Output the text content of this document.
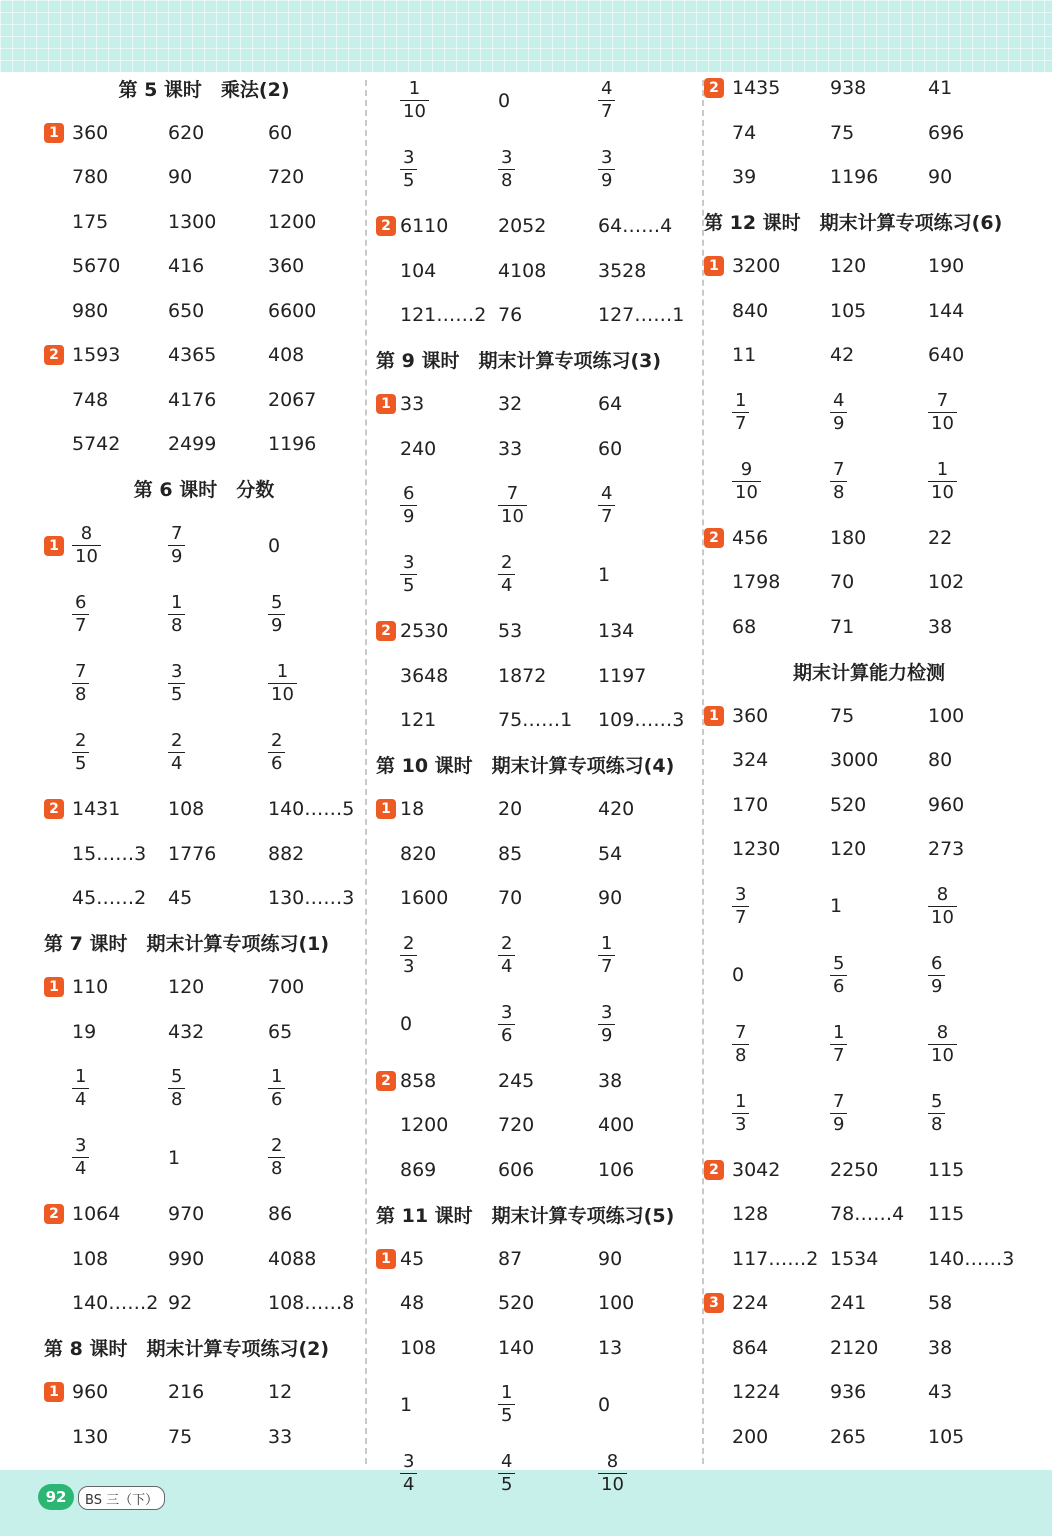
第 5 课时　乘法(2)
1 360	620	60
780	90	720
175	1300	1200
5670	416	360
980	650	6600
2 1593	4365	408
748	4176	2067
5742	2499	1196
第 6 课时　分数
$1 \frac{8}{10}$	$\frac{7}{9}$	0
$\frac{6}{7}$	$\frac{1}{8}$	$\frac{5}{9}$
$\frac{7}{8}$	$\frac{3}{5}$	$\frac{1}{10}$
$\frac{2}{5}$	$\frac{2}{4}$	$\frac{2}{6}$
2 1431	108	140……5
15……3 1776	882
45……2 45	130……3
第 7 课时　期末计算专项练习(1)
1 110	120	700
19	432	65
$\frac{1}{4}$	$\frac{5}{8}$	$\frac{1}{6}$
$\frac{3}{4}$	1	$\frac{2}{8}$
2 1064	970	86
108	990	4088
140……2 92	108……8
第 8 课时　期末计算专项练习(2)
1 960	216	12
130	75	33
$\frac{1}{10}$	0	$\frac{4}{7}$
$\frac{3}{5}$	$\frac{3}{8}$	$\frac{3}{9}$
2 6110	2052	64……4
104	4108	3528
121……2 76	127……1
第 9 课时　期末计算专项练习(3)
1 33	32	64
240	33	60
$\frac{6}{9}$	$\frac{7}{10}$	$\frac{4}{7}$
$\frac{3}{5}$	$\frac{2}{4}$	1
2 2530	53	134
3648	1872	1197
121	75……1 109……3
第 10 课时　期末计算专项练习(4)
1 18	20	420
820	85	54
1600	70	90
$\frac{2}{3}$	$\frac{2}{4}$	$\frac{1}{7}$
0	$\frac{3}{6}$	$\frac{3}{9}$
2 858	245	38
1200	720	400
869	606	106
第 11 课时　期末计算专项练习(5)
1 45	87	90
48	520	100
108	140	13
1	$\frac{1}{5}$	0
$\frac{3}{4}$	$\frac{4}{5}$	$\frac{8}{10}$
2 1435	938	41
74	75	696
39	1196	90
第 12 课时　期末计算专项练习(6)
1 3200	120	190
840	105	144
11	42	640
$\frac{1}{7}$	$\frac{4}{9}$	$\frac{7}{10}$
$\frac{9}{10}$	$\frac{7}{8}$	$\frac{1}{10}$
2 456	180	22
1798	70	102
68	71	38
期末计算能力检测
1 360	75	100
324	3000	80
170	520	960
1230	120	273
$\frac{3}{7}$	1	$\frac{8}{10}$
0	$\frac{5}{6}$	$\frac{6}{9}$
$\frac{7}{8}$	$\frac{1}{7}$	$\frac{8}{10}$
$\frac{1}{3}$	$\frac{7}{9}$	$\frac{5}{8}$
2 3042	2250	115
128	78……4 115
117……2 1534	140……3
3 224	241	58
864	2120	38
1224	936	43
200	265	105
92	BS 三（下）
